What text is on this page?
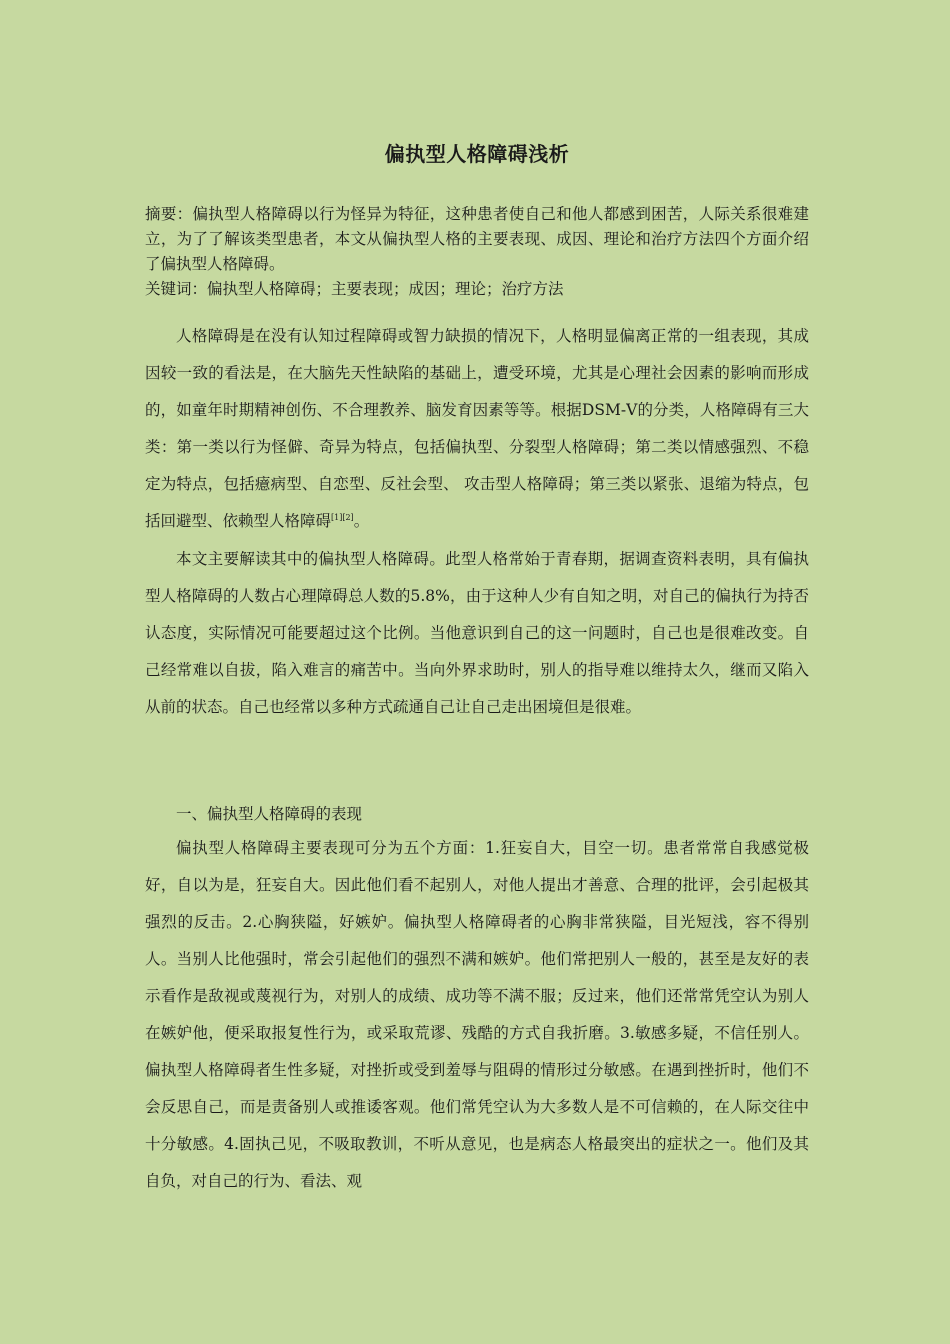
偏执型人格障碍浅析
摘要：偏执型人格障碍以行为怪异为特征，这种患者使自己和他人都感到困苦，人际关系很难建立，为了了解该类型患者，本文从偏执型人格的主要表现、成因、理论和治疗方法四个方面介绍了偏执型人格障碍。
关键词：偏执型人格障碍；主要表现；成因；理论；治疗方法

人格障碍是在没有认知过程障碍或智力缺损的情况下，人格明显偏离正常的一组表现，其成因较一致的看法是，在大脑先天性缺陷的基础上，遭受环境，尤其是心理社会因素的影响而形成的，如童年时期精神创伤、不合理教养、脑发育因素等等。根据DSM-Ⅴ的分类，人格障碍有三大类：第一类以行为怪僻、奇异为特点，包括偏执型、分裂型人格障碍；第二类以情感强烈、不稳定为特点，包括癔病型、自恋型、反社会型、 攻击型人格障碍；第三类以紧张、退缩为特点，包括回避型、依赖型人格障碍[1][2]。

本文主要解读其中的偏执型人格障碍。此型人格常始于青春期，据调查资料表明，具有偏执型人格障碍的人数占心理障碍总人数的5.8%，由于这种人少有自知之明，对自己的偏执行为持否认态度，实际情况可能要超过这个比例。当他意识到自己的这一问题时，自己也是很难改变。自己经常难以自拔，陷入难言的痛苦中。当向外界求助时，别人的指导难以维持太久，继而又陷入从前的状态。自己也经常以多种方式疏通自己让自己走出困境但是很难。

一、偏执型人格障碍的表现

偏执型人格障碍主要表现可分为五个方面：1.狂妄自大，目空一切。患者常常自我感觉极好，自以为是，狂妄自大。因此他们看不起别人，对他人提出才善意、合理的批评，会引起极其强烈的反击。2.心胸狭隘，好嫉妒。偏执型人格障碍者的心胸非常狭隘，目光短浅，容不得别人。当别人比他强时，常会引起他们的强烈不满和嫉妒。他们常把别人一般的，甚至是友好的表示看作是敌视或蔑视行为，对别人的成绩、成功等不满不服；反过来，他们还常常凭空认为别人在嫉妒他，便采取报复性行为，或采取荒谬、残酷的方式自我折磨。3.敏感多疑，不信任别人。偏执型人格障碍者生性多疑，对挫折或受到羞辱与阻碍的情形过分敏感。在遇到挫折时，他们不会反思自己，而是责备别人或推诿客观。他们常凭空认为大多数人是不可信赖的，在人际交往中十分敏感。4.固执己见，不吸取教训，不听从意见，也是病态人格最突出的症状之一。他们及其自负，对自己的行为、看法、观
